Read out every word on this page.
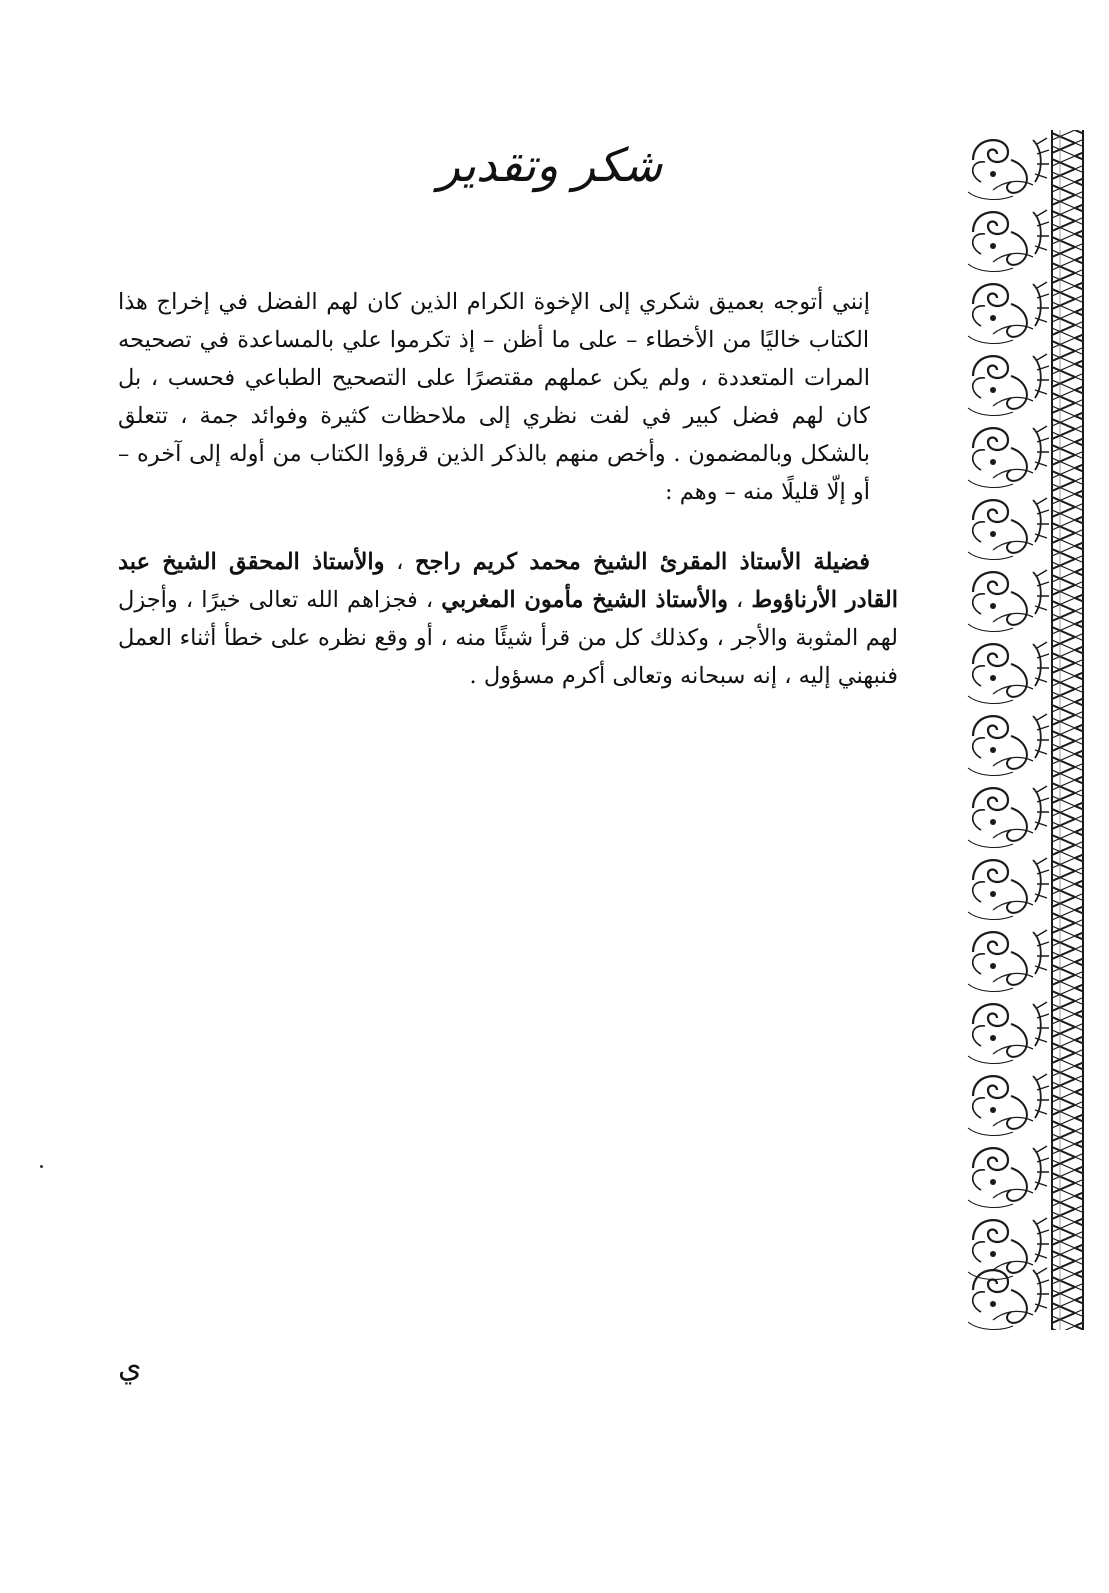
شكر وتقدير

إنني أتوجه بعميق شكري إلى الإخوة الكرام الذين كان لهم الفضل في إخراج هذا الكتاب خاليًا من الأخطاء – على ما أظن – إذ تكرموا علي بالمساعدة في تصحيحه المرات المتعددة ، ولم يكن عملهم مقتصرًا على التصحيح الطباعي فحسب ، بل كان لهم فضل كبير في لفت نظري إلى ملاحظات كثيرة وفوائد جمة ، تتعلق بالشكل وبالمضمون . وأخص منهم بالذكر الذين قرؤوا الكتاب من أوله إلى آخره – أو إلّا قليلًا منه – وهم :

فضيلة الأستاذ المقرئ الشيخ محمد كريم راجح ، والأستاذ المحقق الشيخ عبد القادر الأرناؤوط ، والأستاذ الشيخ مأمون المغربي ، فجزاهم الله تعالى خيرًا ، وأجزل لهم المثوبة والأجر ، وكذلك كل من قرأ شيئًا منه ، أو وقع نظره على خطأ أثناء العمل فنبهني إليه ، إنه سبحانه وتعالى أكرم مسؤول .

ي
